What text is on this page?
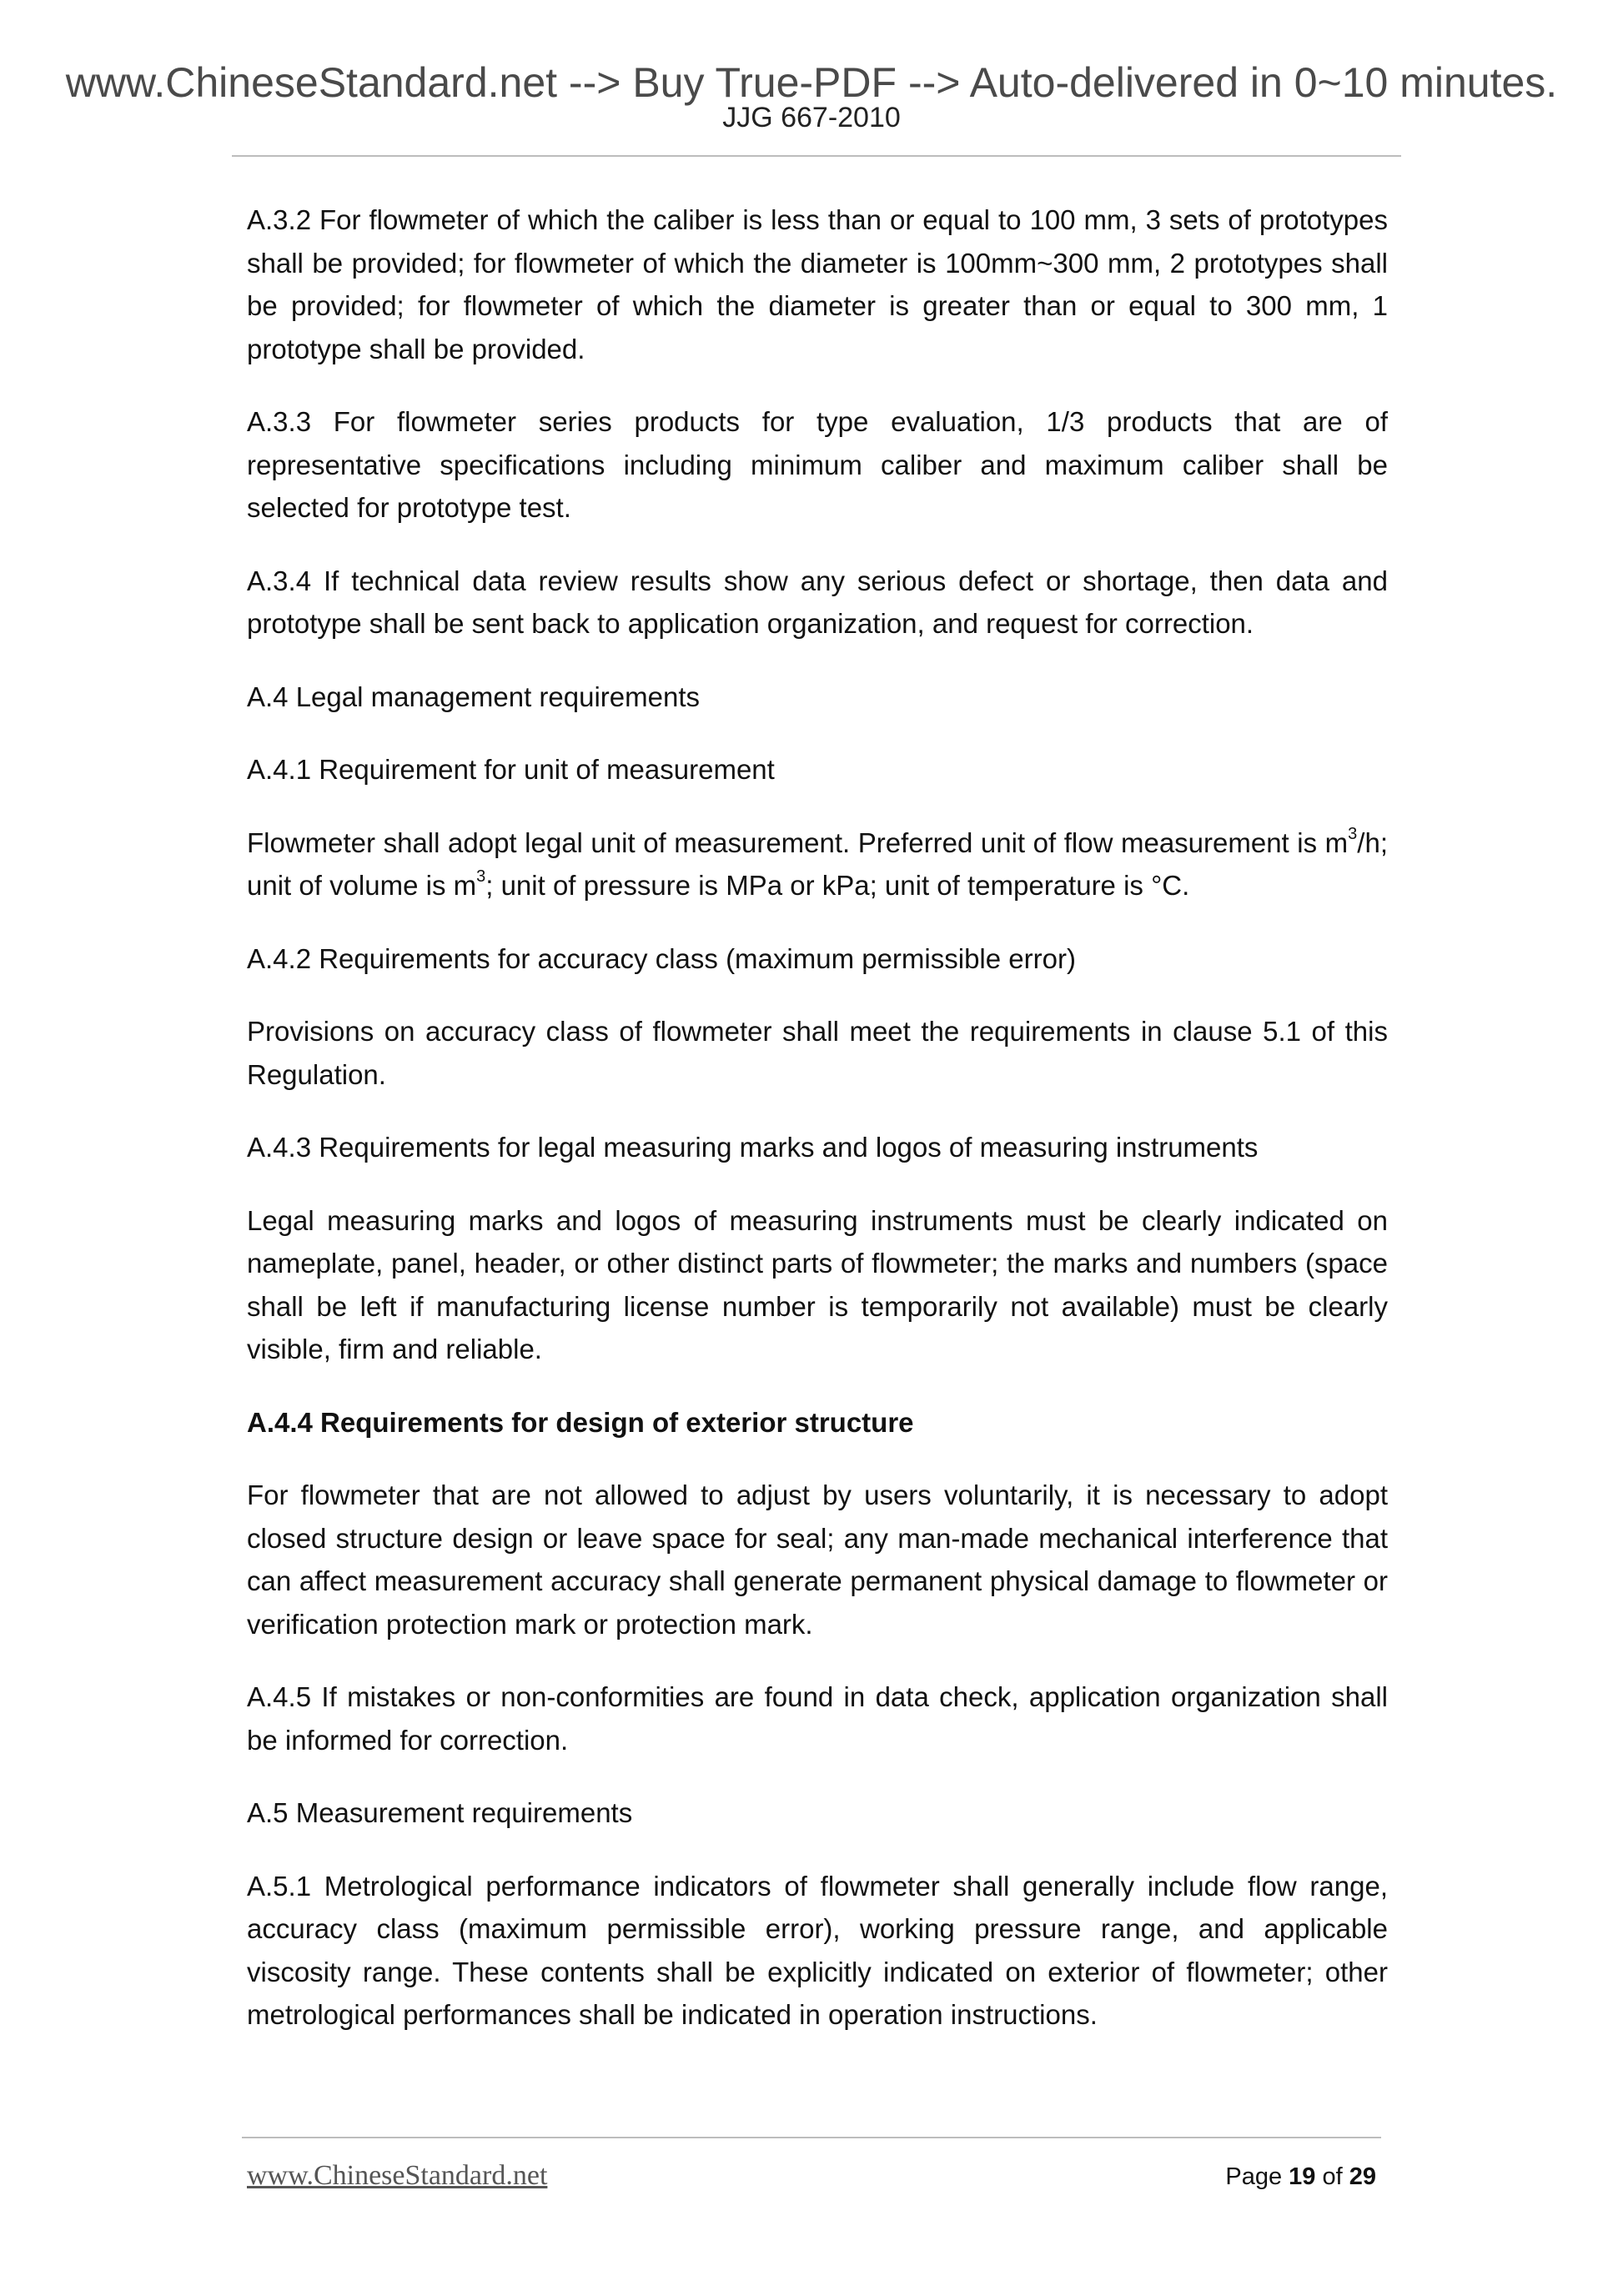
www.ChineseStandard.net --> Buy True-PDF --> Auto-delivered in 0~10 minutes.
JJG 667-2010

A.3.2 For flowmeter of which the caliber is less than or equal to 100 mm, 3 sets of prototypes shall be provided; for flowmeter of which the diameter is 100mm~300 mm, 2 prototypes shall be provided; for flowmeter of which the diameter is greater than or equal to 300 mm, 1 prototype shall be provided.

A.3.3 For flowmeter series products for type evaluation, 1/3 products that are of representative specifications including minimum caliber and maximum caliber shall be selected for prototype test.

A.3.4 If technical data review results show any serious defect or shortage, then data and prototype shall be sent back to application organization, and request for correction.

A.4 Legal management requirements

A.4.1 Requirement for unit of measurement

Flowmeter shall adopt legal unit of measurement. Preferred unit of flow measurement is $m^3/h$; unit of volume is $m^3$; unit of pressure is MPa or kPa; unit of temperature is °C.

A.4.2 Requirements for accuracy class (maximum permissible error)

Provisions on accuracy class of flowmeter shall meet the requirements in clause 5.1 of this Regulation.

A.4.3 Requirements for legal measuring marks and logos of measuring instruments

Legal measuring marks and logos of measuring instruments must be clearly indicated on nameplate, panel, header, or other distinct parts of flowmeter; the marks and numbers (space shall be left if manufacturing license number is temporarily not available) must be clearly visible, firm and reliable.

A.4.4 Requirements for design of exterior structure

For flowmeter that are not allowed to adjust by users voluntarily, it is necessary to adopt closed structure design or leave space for seal; any man-made mechanical interference that can affect measurement accuracy shall generate permanent physical damage to flowmeter or verification protection mark or protection mark.

A.4.5 If mistakes or non-conformities are found in data check, application organization shall be informed for correction.

A.5 Measurement requirements

A.5.1 Metrological performance indicators of flowmeter shall generally include flow range, accuracy class (maximum permissible error), working pressure range, and applicable viscosity range. These contents shall be explicitly indicated on exterior of flowmeter; other metrological performances shall be indicated in operation instructions.

www.ChineseStandard.net	Page 19 of 29
